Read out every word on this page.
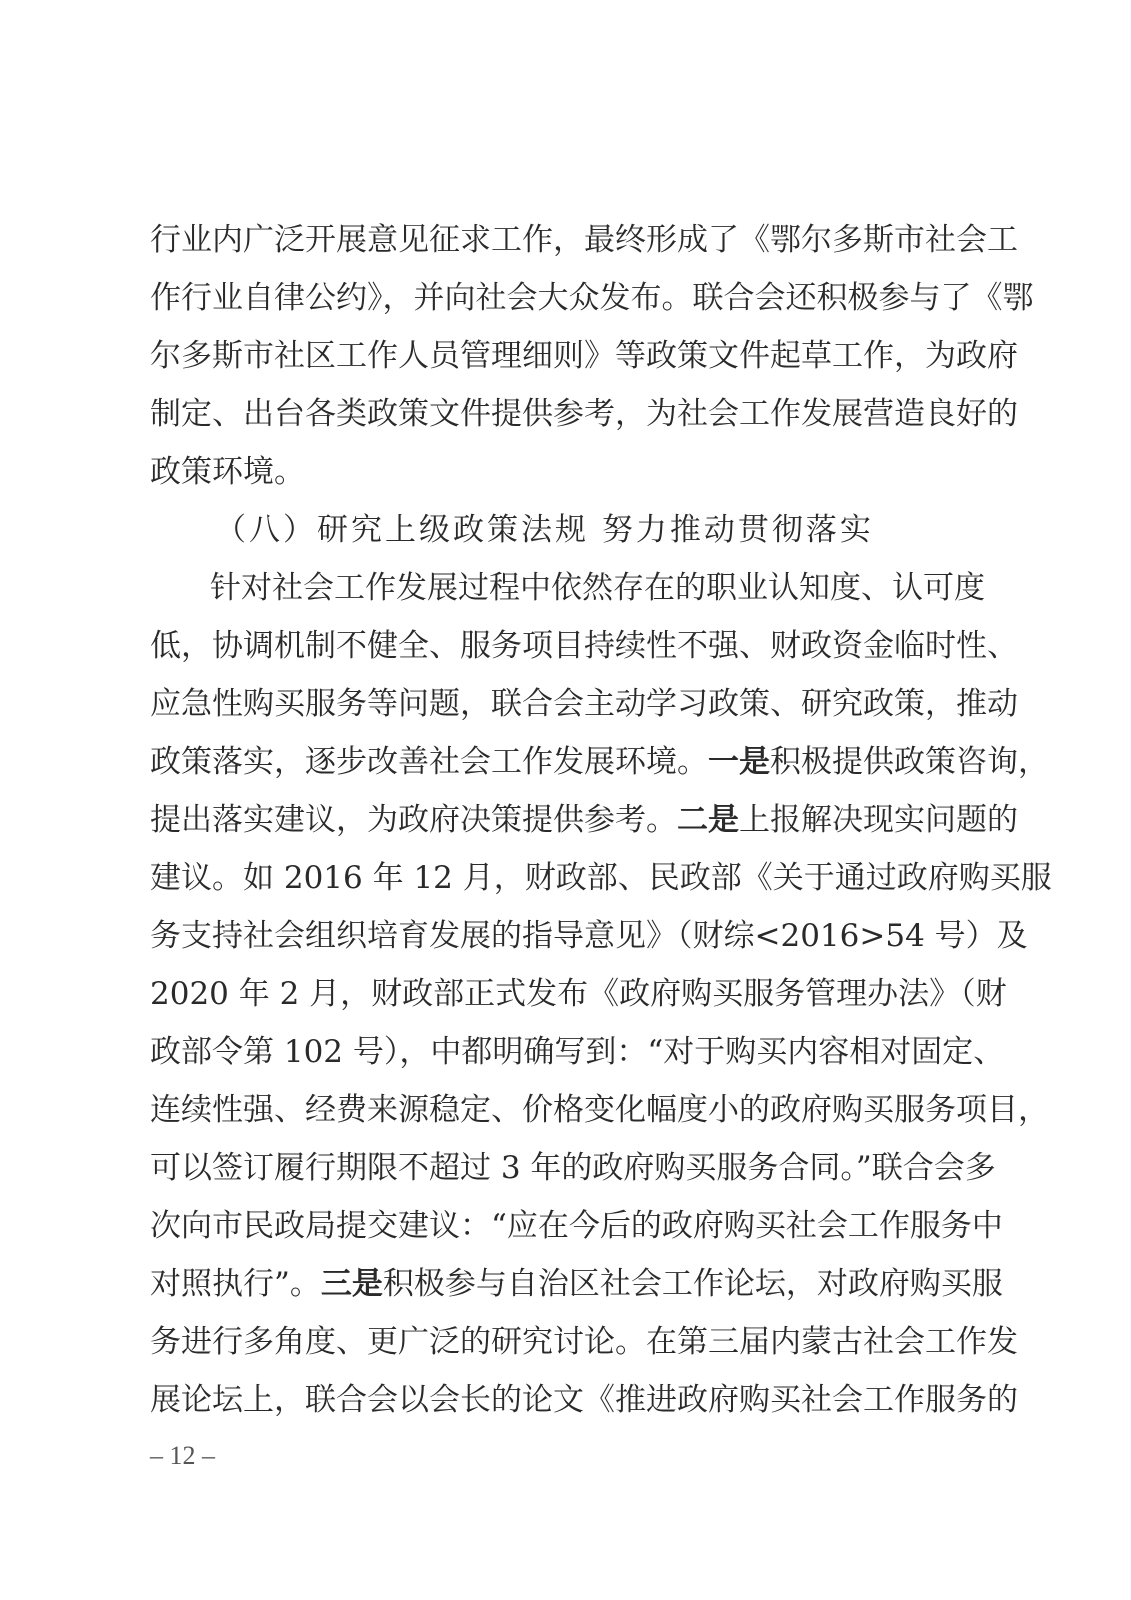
行业内广泛开展意见征求工作，最终形成了《鄂尔多斯市社会工
作行业自律公约》，并向社会大众发布。联合会还积极参与了《鄂
尔多斯市社区工作人员管理细则》等政策文件起草工作，为政府
制定、出台各类政策文件提供参考，为社会工作发展营造良好的
政策环境。
（八）研究上级政策法规 努力推动贯彻落实
针对社会工作发展过程中依然存在的职业认知度、认可度
低，协调机制不健全、服务项目持续性不强、财政资金临时性、
应急性购买服务等问题，联合会主动学习政策、研究政策，推动
政策落实，逐步改善社会工作发展环境。一是积极提供政策咨询，
提出落实建议，为政府决策提供参考。二是上报解决现实问题的
建议。如 2016 年 12 月，财政部、民政部《关于通过政府购买服
务支持社会组织培育发展的指导意见》（财综<2016>54 号）及
2020 年 2 月，财政部正式发布《政府购买服务管理办法》（财
政部令第 102 号），中都明确写到：“对于购买内容相对固定、
连续性强、经费来源稳定、价格变化幅度小的政府购买服务项目，
可以签订履行期限不超过 3 年的政府购买服务合同。”联合会多
次向市民政局提交建议：“应在今后的政府购买社会工作服务中
对照执行”。三是积极参与自治区社会工作论坛，对政府购买服
务进行多角度、更广泛的研究讨论。在第三届内蒙古社会工作发
展论坛上，联合会以会长的论文《推进政府购买社会工作服务的
– 12 –
